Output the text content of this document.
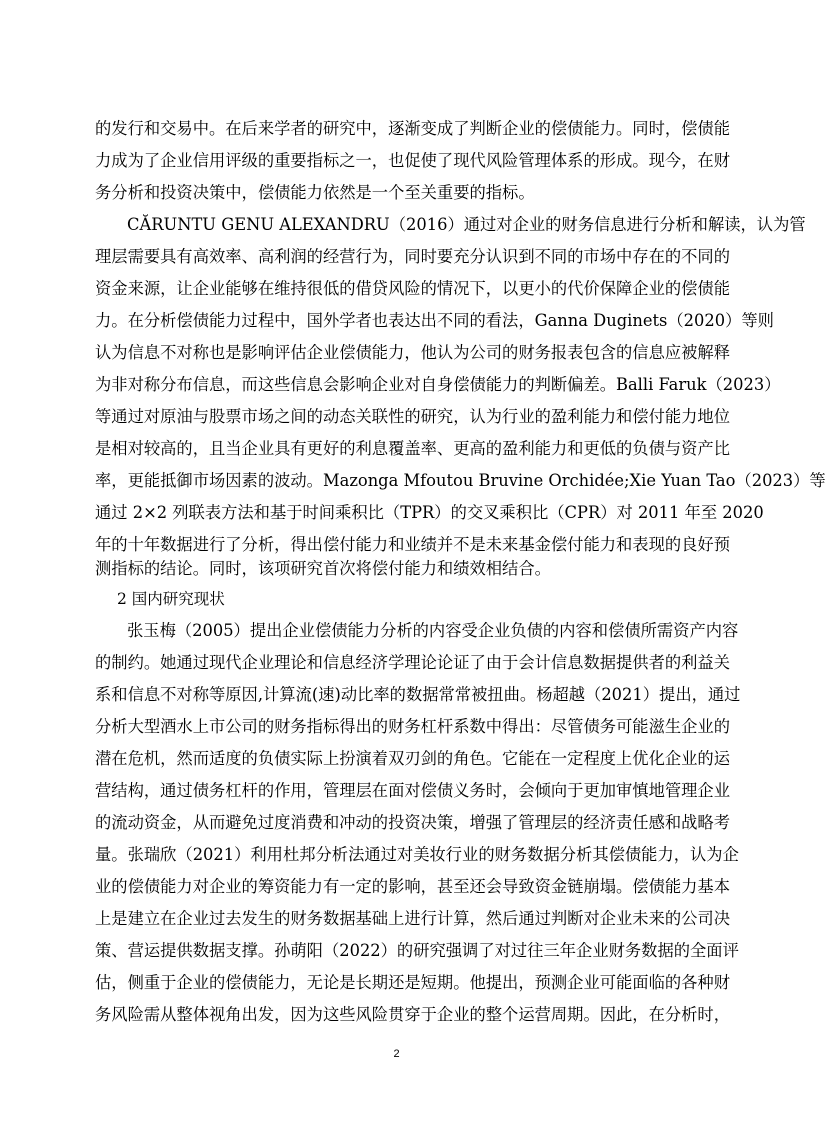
的发行和交易中。在后来学者的研究中，逐渐变成了判断企业的偿债能力。同时，偿债能
力成为了企业信用评级的重要指标之一，也促使了现代风险管理体系的形成。现今，在财
务分析和投资决策中，偿债能力依然是一个至关重要的指标。
CĂRUNTU GENU ALEXANDRU（2016）通过对企业的财务信息进行分析和解读，认为管
理层需要具有高效率、高利润的经营行为，同时要充分认识到不同的市场中存在的不同的
资金来源，让企业能够在维持很低的借贷风险的情况下，以更小的代价保障企业的偿债能
力。在分析偿债能力过程中，国外学者也表达出不同的看法，Ganna Duginets（2020）等则
认为信息不对称也是影响评估企业偿债能力，他认为公司的财务报表包含的信息应被解释
为非对称分布信息，而这些信息会影响企业对自身偿债能力的判断偏差。Balli Faruk（2023）
等通过对原油与股票市场之间的动态关联性的研究，认为行业的盈利能力和偿付能力地位
是相对较高的，且当企业具有更好的利息覆盖率、更高的盈利能力和更低的负债与资产比
率，更能抵御市场因素的波动。Mazonga Mfoutou Bruvine Orchidée;Xie Yuan Tao（2023）等
通过 2×2 列联表方法和基于时间乘积比（TPR）的交叉乘积比（CPR）对 2011 年至 2020
年的十年数据进行了分析，得出偿付能力和业绩并不是未来基金偿付能力和表现的良好预
测指标的结论。同时，该项研究首次将偿付能力和绩效相结合。
2 国内研究现状
张玉梅（2005）提出企业偿债能力分析的内容受企业负债的内容和偿债所需资产内容
的制约。她通过现代企业理论和信息经济学理论论证了由于会计信息数据提供者的利益关
系和信息不对称等原因,计算流(速)动比率的数据常常被扭曲。杨超越（2021）提出，通过
分析大型酒水上市公司的财务指标得出的财务杠杆系数中得出：尽管债务可能滋生企业的
潜在危机，然而适度的负债实际上扮演着双刃剑的角色。它能在一定程度上优化企业的运
营结构，通过债务杠杆的作用，管理层在面对偿债义务时，会倾向于更加审慎地管理企业
的流动资金，从而避免过度消费和冲动的投资决策，增强了管理层的经济责任感和战略考
量。张瑞欣（2021）利用杜邦分析法通过对美妆行业的财务数据分析其偿债能力，认为企
业的偿债能力对企业的筹资能力有一定的影响，甚至还会导致资金链崩塌。偿债能力基本
上是建立在企业过去发生的财务数据基础上进行计算，然后通过判断对企业未来的公司决
策、营运提供数据支撑。孙萌阳（2022）的研究强调了对过往三年企业财务数据的全面评
估，侧重于企业的偿债能力，无论是长期还是短期。他提出，预测企业可能面临的各种财
务风险需从整体视角出发，因为这些风险贯穿于企业的整个运营周期。因此，在分析时，
2
